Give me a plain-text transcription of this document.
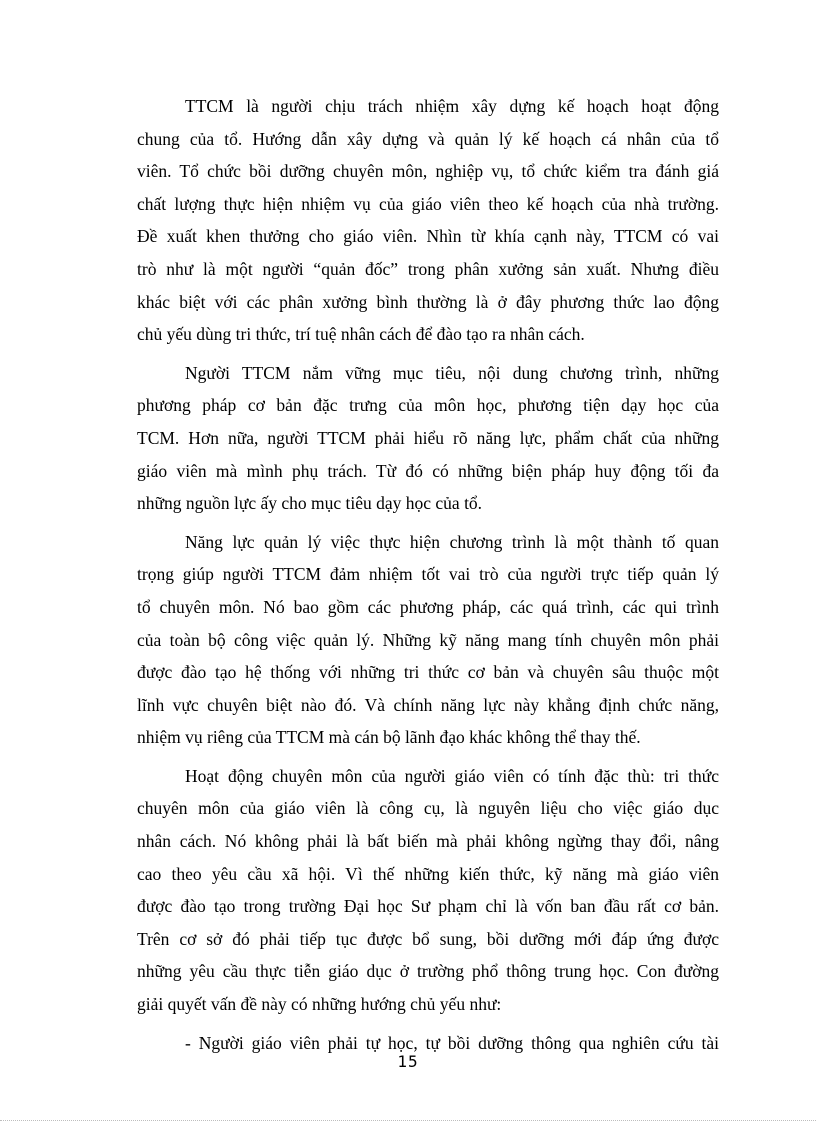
TTCM là người chịu trách nhiệm xây dựng kế hoạch hoạt động
chung của tổ. Hướng dẫn xây dựng và quản lý kế hoạch cá nhân của tổ
viên. Tổ chức bồi dưỡng chuyên môn, nghiệp vụ, tổ chức kiểm tra đánh giá
chất lượng thực hiện nhiệm vụ của giáo viên theo kế hoạch của nhà trường.
Đề xuất khen thưởng cho giáo viên. Nhìn từ khía cạnh này, TTCM có vai
trò như là một người “quản đốc” trong phân xưởng sản xuất. Nhưng điều
khác biệt với các phân xưởng bình thường là ở đây phương thức lao động
chủ yếu dùng tri thức, trí tuệ nhân cách để đào tạo ra nhân cách.

Người TTCM nắm vững mục tiêu, nội dung chương trình, những
phương pháp cơ bản đặc trưng của môn học, phương tiện dạy học của
TCM. Hơn nữa, người TTCM phải hiểu rõ năng lực, phẩm chất của những
giáo viên mà mình phụ trách. Từ đó có những biện pháp huy động tối đa
những nguồn lực ấy cho mục tiêu dạy học của tổ.

Năng lực quản lý việc thực hiện chương trình là một thành tố quan
trọng giúp người TTCM đảm nhiệm tốt vai trò của người trực tiếp quản lý
tổ chuyên môn. Nó bao gồm các phương pháp, các quá trình, các qui trình
của toàn bộ công việc quản lý. Những kỹ năng mang tính chuyên môn phải
được đào tạo hệ thống với những tri thức cơ bản và chuyên sâu thuộc một
lĩnh vực chuyên biệt nào đó. Và chính năng lực này khẳng định chức năng,
nhiệm vụ riêng của TTCM mà cán bộ lãnh đạo khác không thể thay thế.

Hoạt động chuyên môn của người giáo viên có tính đặc thù: tri thức
chuyên môn của giáo viên là công cụ, là nguyên liệu cho việc giáo dục
nhân cách. Nó không phải là bất biến mà phải không ngừng thay đổi, nâng
cao theo yêu cầu xã hội. Vì thế những kiến thức, kỹ năng mà giáo viên
được đào tạo trong trường Đại học Sư phạm chỉ là vốn ban đầu rất cơ bản.
Trên cơ sở đó phải tiếp tục được bổ sung, bồi dưỡng mới đáp ứng được
những yêu cầu thực tiễn giáo dục ở trường phổ thông trung học. Con đường
giải quyết vấn đề này có những hướng chủ yếu như:

- Người giáo viên phải tự học, tự bồi dưỡng thông qua nghiên cứu tài

15
